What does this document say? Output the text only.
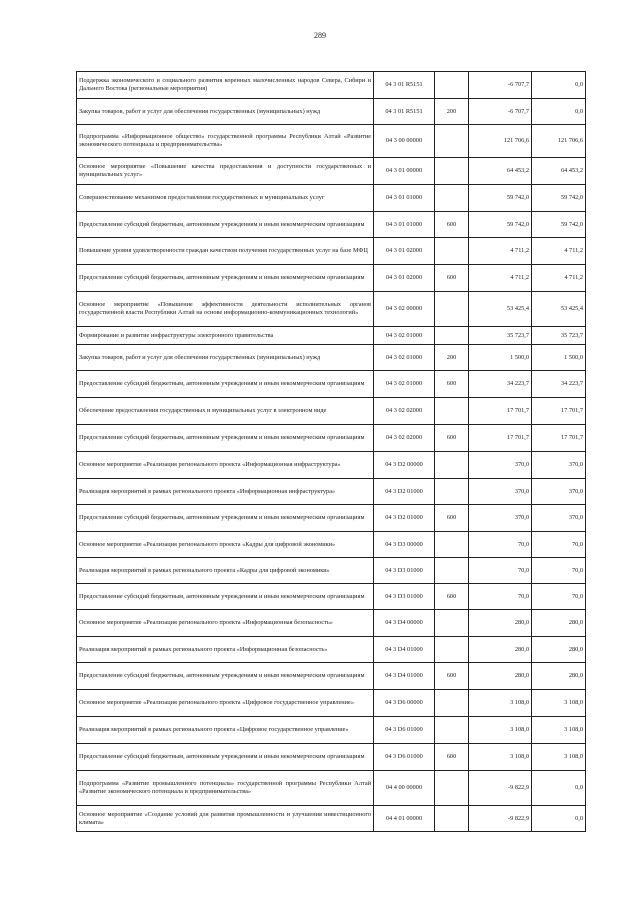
289
Поддержка экономического и социального развития коренных малочисленных народов Севера, Сибири и Дальнего Востока (региональные мероприятия)	04 3 01 R5151		-6 707,7	0,0
Закупка товаров, работ и услуг для обеспечения государственных (муниципальных) нужд	04 3 01 R5151	200	-6 707,7	0,0
Подпрограмма «Информационное общество» государственной программы Республики Алтай «Развитие экономического потенциала и предпринимательства»	04 3 00 00000		121 706,6	121 706,6
Основное мероприятие «Повышение качества предоставления и доступности государственных и муниципальных услуг»	04 3 01 00000		64 453,2	64 453,2
Совершенствование механизмов предоставления государственных и муниципальных услуг	04 3 01 01000		59 742,0	59 742,0
Предоставление субсидий бюджетным, автономным учреждениям и иным некоммерческим организациям	04 3 01 01000	600	59 742,0	59 742,0
Повышение уровня удовлетворенности граждан качеством получения государственных услуг на базе МФЦ	04 3 01 02000		4 711,2	4 711,2
Предоставление субсидий бюджетным, автономным учреждениям и иным некоммерческим организациям	04 3 01 02000	600	4 711,2	4 711,2
Основное мероприятие «Повышение эффективности деятельности исполнительных органов государственной власти Республики Алтай на основе информационно-коммуникационных технологий»	04 3 02 00000		53 425,4	53 425,4
Формирование и развитие инфраструктуры электронного правительства	04 3 02 01000		35 723,7	35 723,7
Закупка товаров, работ и услуг для обеспечения государственных (муниципальных) нужд	04 3 02 01000	200	1 500,0	1 500,0
Предоставление субсидий бюджетным, автономным учреждениям и иным некоммерческим организациям	04 3 02 01000	600	34 223,7	34 223,7
Обеспечение предоставления государственных и муниципальных услуг в электронном виде	04 3 02 02000		17 701,7	17 701,7
Предоставление субсидий бюджетным, автономным учреждениям и иным некоммерческим организациям	04 3 02 02000	600	17 701,7	17 701,7
Основное мероприятие «Реализация регионального проекта «Информационная инфраструктура»	04 3 D2 00000		370,0	370,0
Реализация мероприятий в рамках регионального проекта «Информационная инфраструктура»	04 3 D2 01000		370,0	370,0
Предоставление субсидий бюджетным, автономным учреждениям и иным некоммерческим организациям	04 3 D2 01000	600	370,0	370,0
Основное мероприятие «Реализация регионального проекта «Кадры для цифровой экономики»	04 3 D3 00000		70,0	70,0
Реализация мероприятий в рамках регионального проекта «Кадры для цифровой экономики»	04 3 D3 01000		70,0	70,0
Предоставление субсидий бюджетным, автономным учреждениям и иным некоммерческим организациям	04 3 D3 01000	600	70,0	70,0
Основное мероприятие «Реализация регионального проекта «Информационная безопасность»	04 3 D4 00000		280,0	280,0
Реализация мероприятий в рамках регионального проекта «Информационная безопасность»	04 3 D4 01000		280,0	280,0
Предоставление субсидий бюджетным, автономным учреждениям и иным некоммерческим организациям	04 3 D4 01000	600	280,0	280,0
Основное мероприятие «Реализация регионального проекта «Цифровое государственное управление»	04 3 D6 00000		3 108,0	3 108,0
Реализация мероприятий в рамках регионального проекта «Цифровое государственное управление»	04 3 D6 01000		3 108,0	3 108,0
Предоставление субсидий бюджетным, автономным учреждениям и иным некоммерческим организациям	04 3 D6 01000	600	3 108,0	3 108,0
Подпрограмма «Развитие промышленного потенциала» государственной программы Республики Алтай «Развитие экономического потенциала и предпринимательства»	04 4 00 00000		-9 822,9	0,0
Основное мероприятие «Создание условий для развития промышленности и улучшения инвестиционного климата»	04 4 01 00000		-9 822,9	0,0
